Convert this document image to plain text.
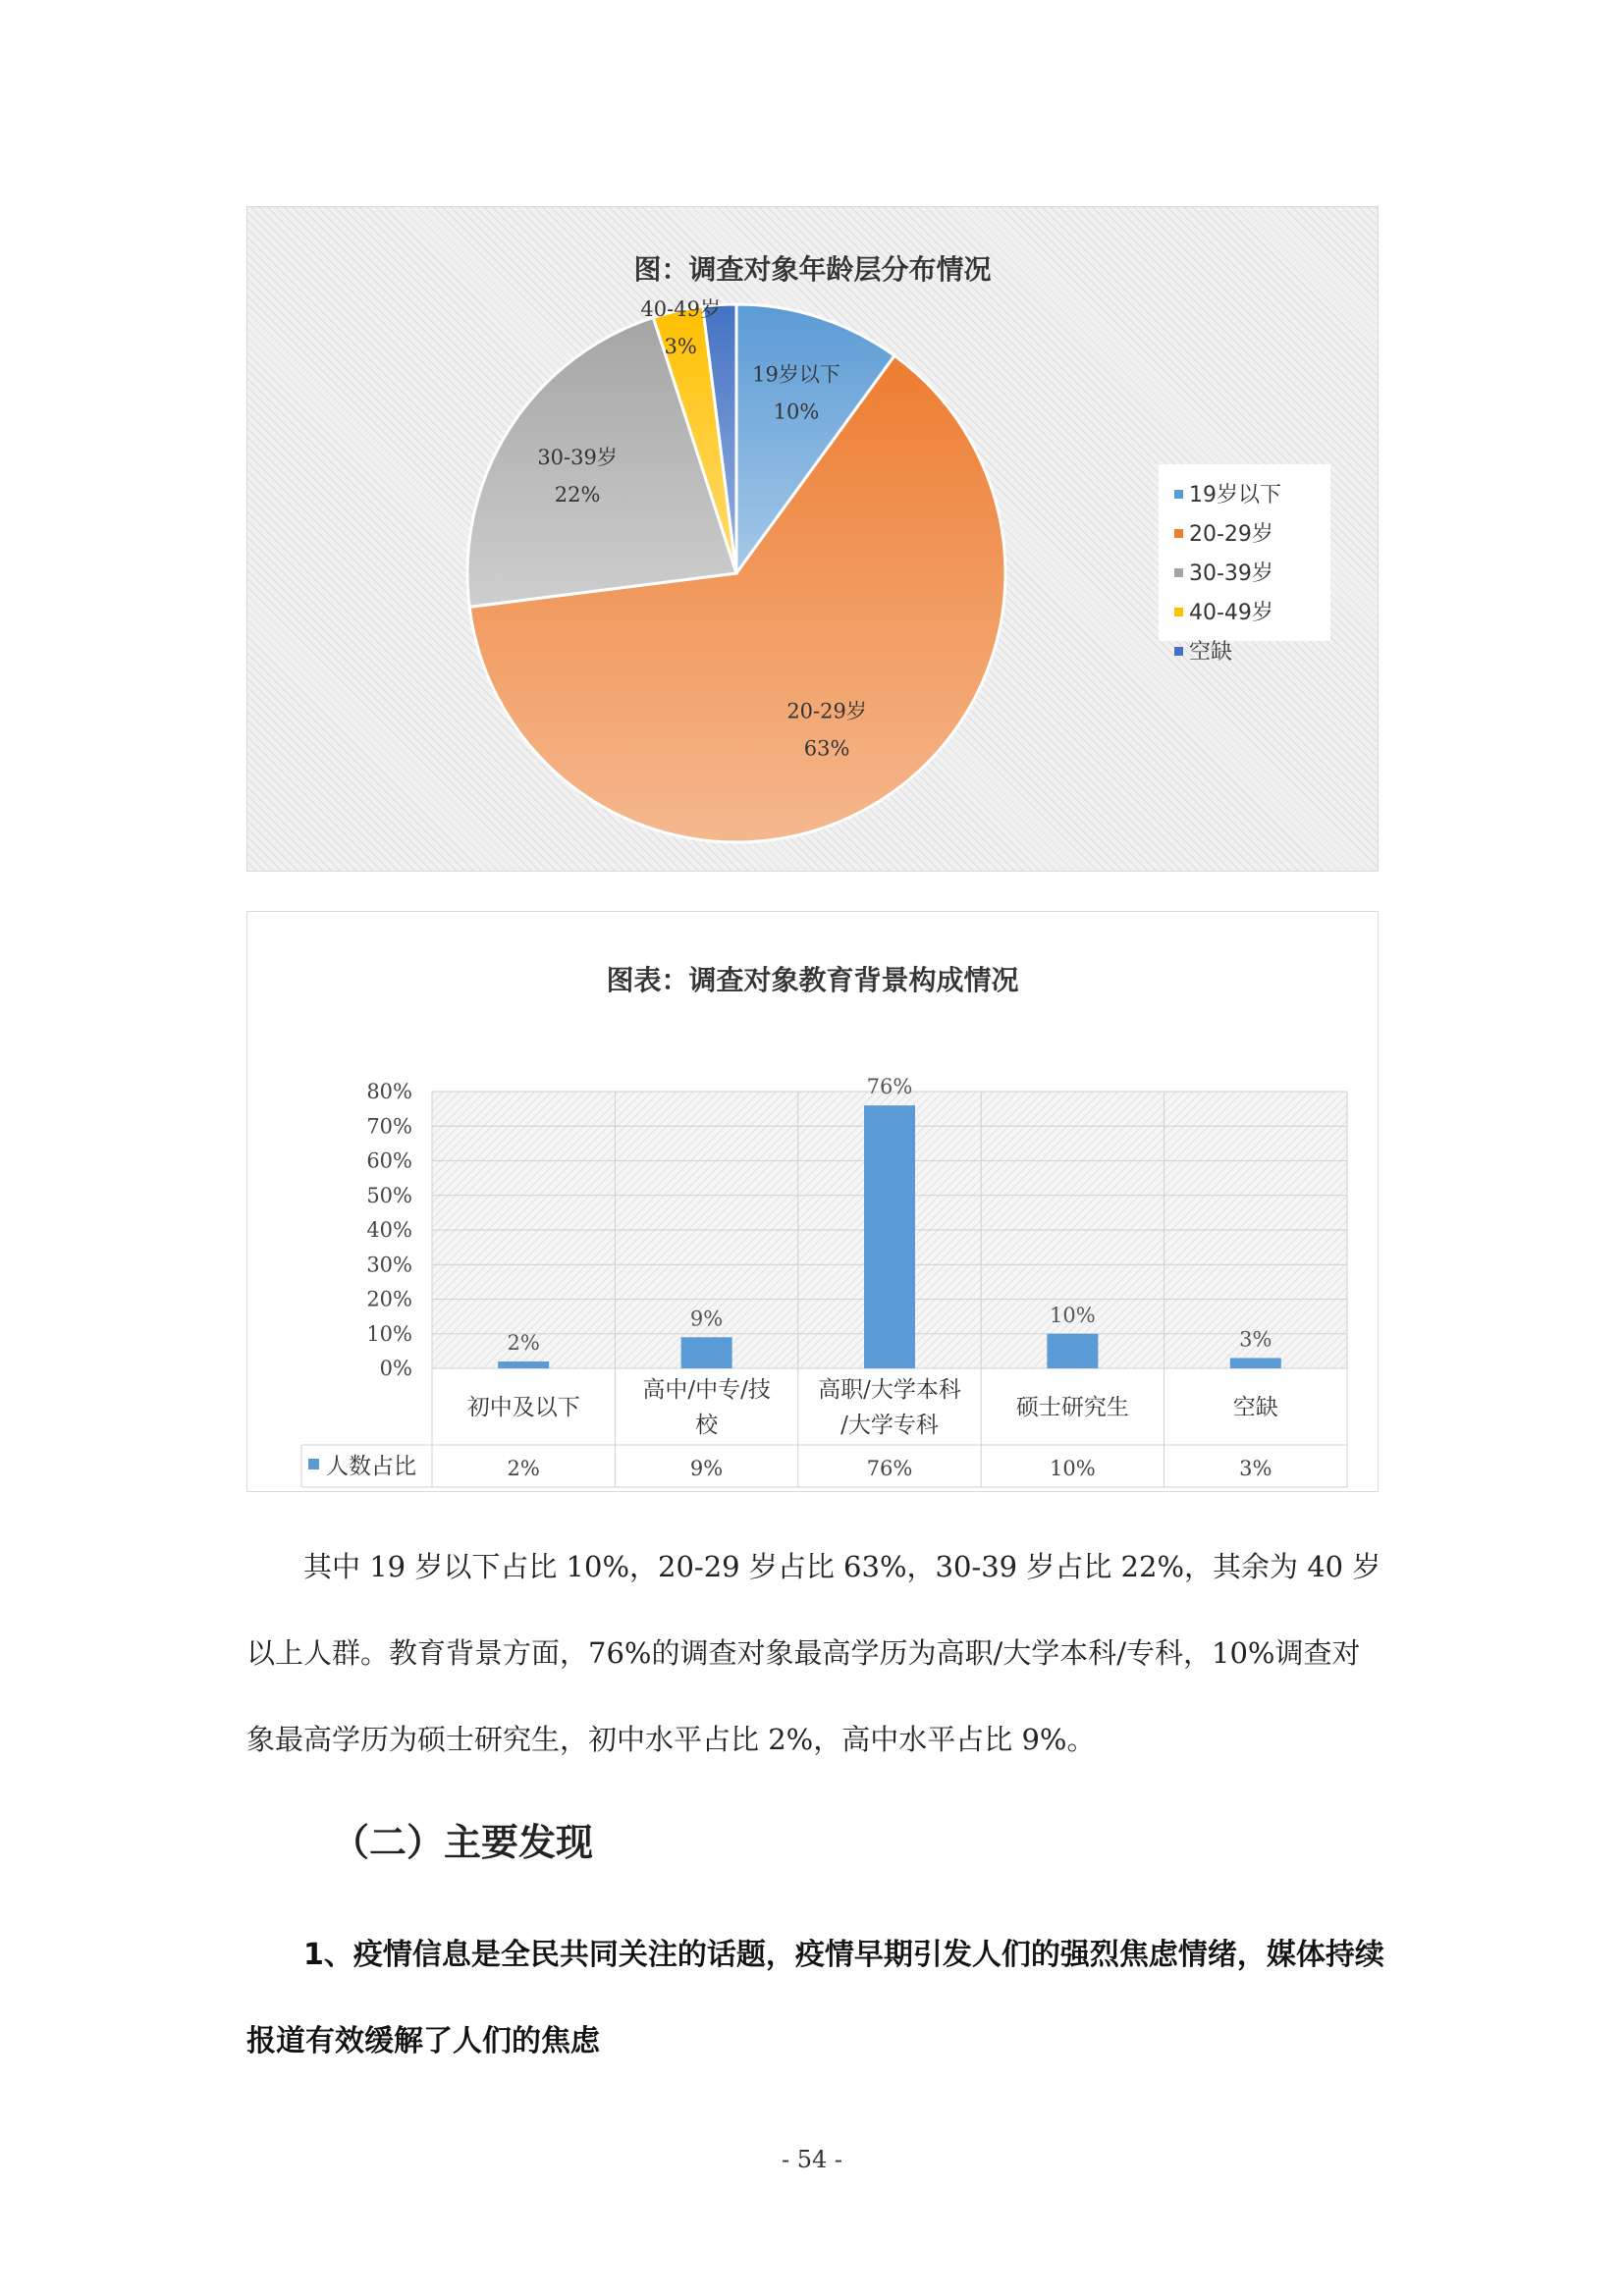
图：调查对象年龄层分布情况
19岁以下
10%
20-29岁
63%
30-39岁
22%
40-49岁
3%
19岁以下
20-29岁
30-39岁
40-49岁
空缺
图表：调查对象教育背景构成情况
0%
10%
20%
30%
40%
50%
60%
70%
80%
2%
初中及以下
2%
9%
高中/中专/技
校
9%
76%
高职/大学本科
/大学专科
76%
10%
硕士研究生
10%
3%
空缺
3%
人数占比

其中 19 岁以下占比 10%，20-29 岁占比 63%，30-39 岁占比 22%，其余为 40 岁以上人群。教育背景方面，76%的调查对象最高学历为高职/大学本科/专科，10%调查对象最高学历为硕士研究生，初中水平占比 2%，高中水平占比 9%。

（二）主要发现

1、疫情信息是全民共同关注的话题，疫情早期引发人们的强烈焦虑情绪，媒体持续报道有效缓解了人们的焦虑

- 54 -
